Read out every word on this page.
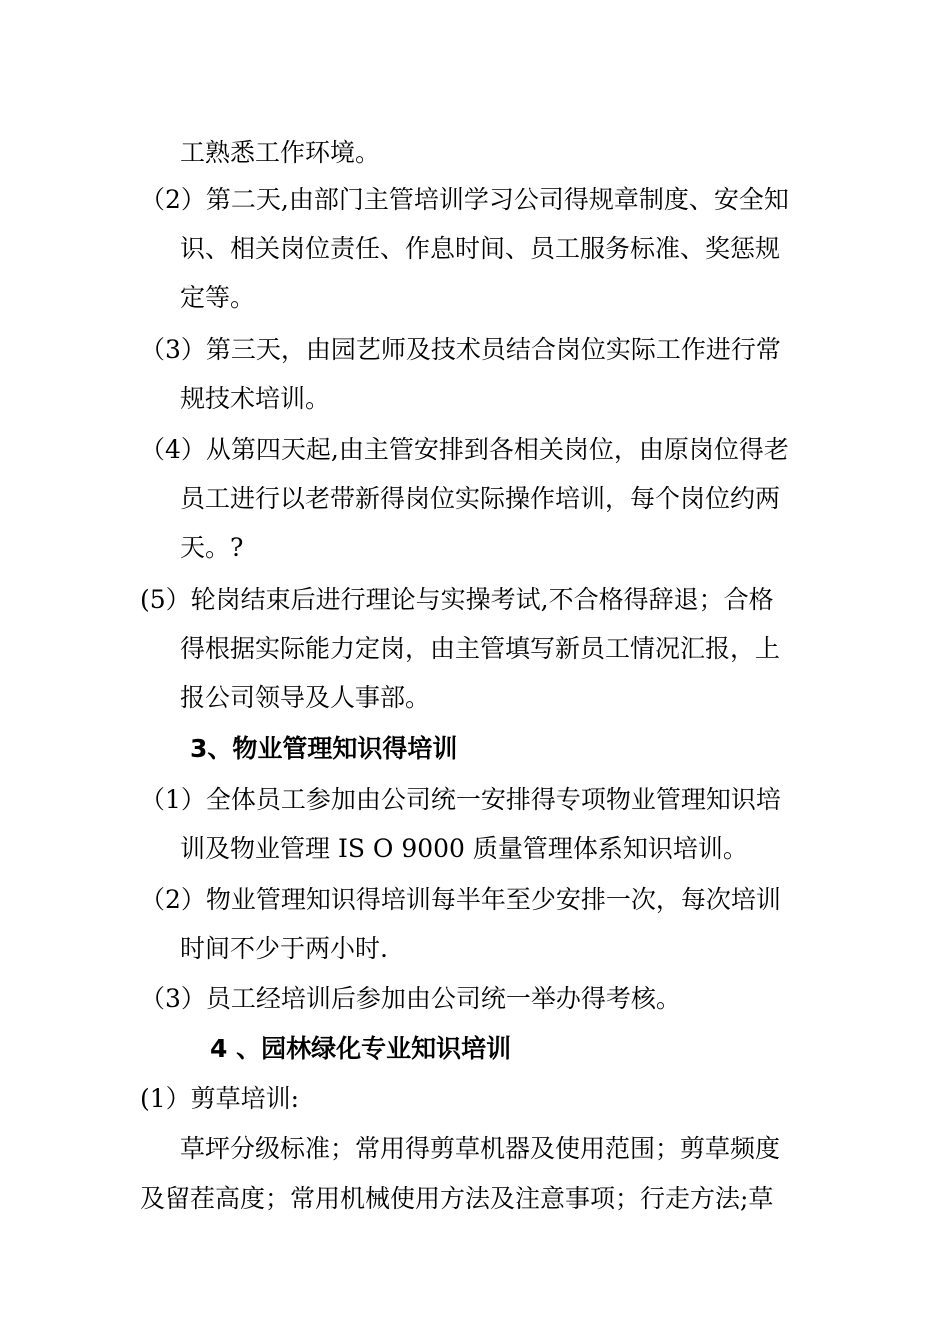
工熟悉工作环境。
（2）第二天,由部门主管培训学习公司得规章制度、安全知
识、相关岗位责任、作息时间、员工服务标准、奖惩规
定等。
（3）第三天，由园艺师及技术员结合岗位实际工作进行常
规技术培训。
（4）从第四天起,由主管安排到各相关岗位，由原岗位得老
员工进行以老带新得岗位实际操作培训，每个岗位约两
天。?
(5）轮岗结束后进行理论与实操考试,不合格得辞退；合格
得根据实际能力定岗，由主管填写新员工情况汇报，上
报公司领导及人事部。
3、物业管理知识得培训
（1）全体员工参加由公司统一安排得专项物业管理知识培
训及物业管理 IS O 9000 质量管理体系知识培训。
（2）物业管理知识得培训每半年至少安排一次，每次培训
时间不少于两小时.
（3）员工经培训后参加由公司统一举办得考核。
4 、园林绿化专业知识培训
(1）剪草培训:
草坪分级标准；常用得剪草机器及使用范围；剪草频度
及留茬高度；常用机械使用方法及注意事项；行走方法;草
